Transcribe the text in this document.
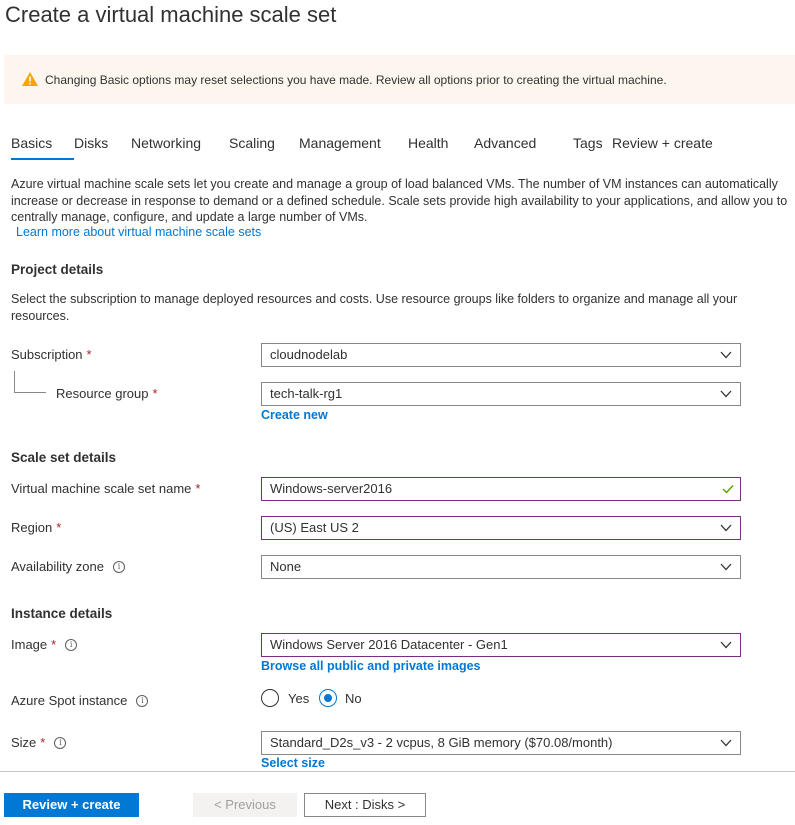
Create a virtual machine scale set
Changing Basic options may reset selections you have made. Review all options prior to creating the virtual machine.
Basics	Disks	Networking	Scaling	Management	Health	Advanced	Tags Review + create
Azure virtual machine scale sets let you create and manage a group of load balanced VMs. The number of VM instances can automatically increase or decrease in response to demand or a defined schedule. Scale sets provide high availability to your applications, and allow you to centrally manage, configure, and update a large number of VMs.
Learn more about virtual machine scale sets
Project details
Select the subscription to manage deployed resources and costs. Use resource groups like folders to organize and manage all your resources.
Subscription *	cloudnodelab
Resource group *	tech-talk-rg1
Create new
Scale set details
Virtual machine scale set name *	Windows-server2016
Region *	(US) East US 2
Availability zone	i	None
Instance details
Image *	i	Windows Server 2016 Datacenter - Gen1
Browse all public and private images
Azure Spot instance	i	Yes	No
Size *	i	Standard_D2s_v3 - 2 vcpus, 8 GiB memory ($70.08/month)
Select size
Review + create	< Previous	Next : Disks >
